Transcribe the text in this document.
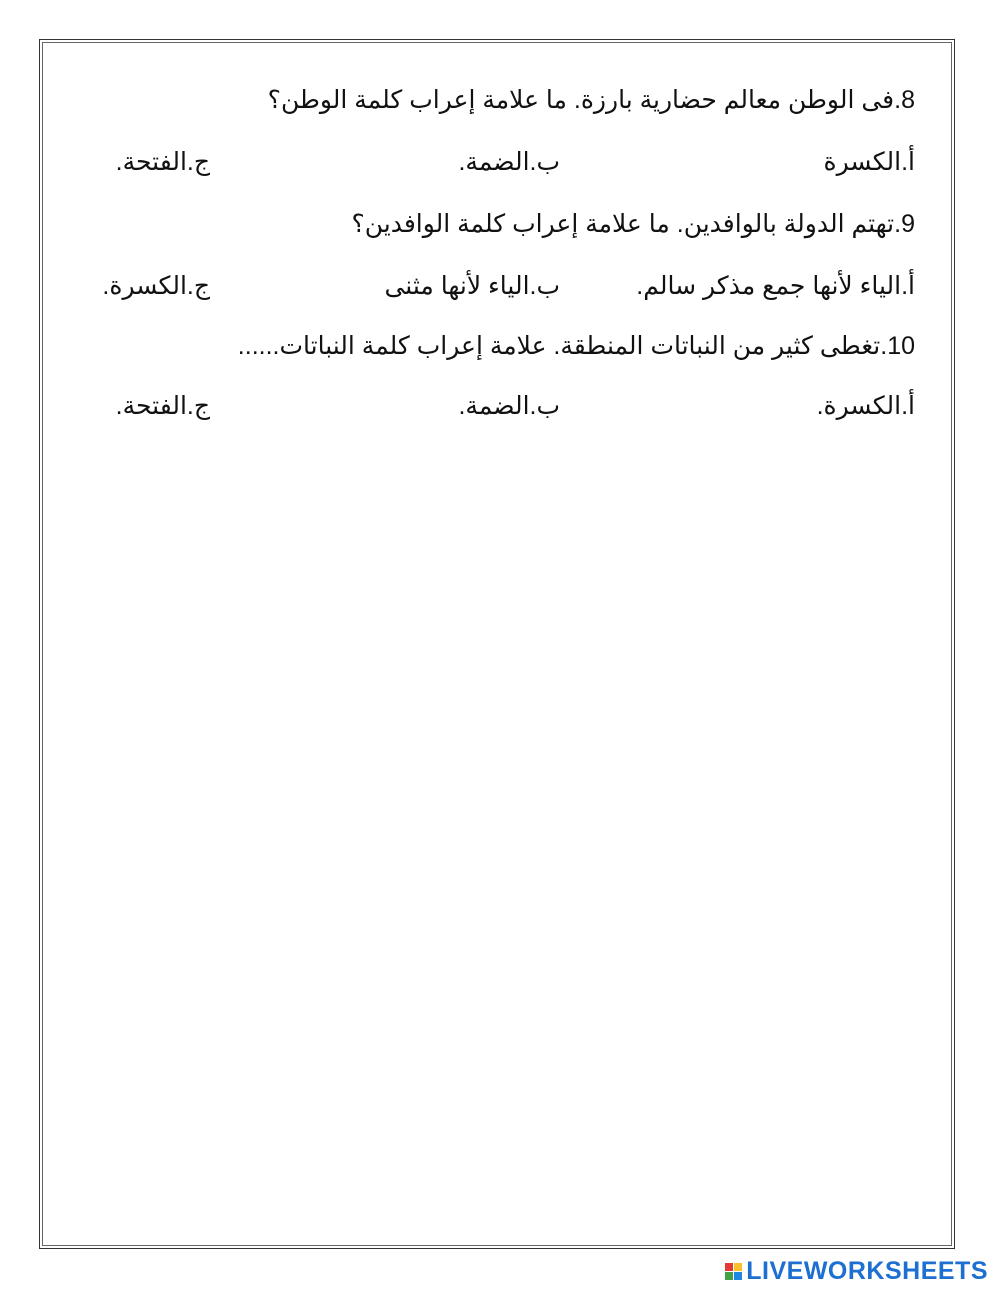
8.فى الوطن معالم حضارية بارزة. ما علامة إعراب كلمة الوطن؟
أ.الكسرة
ب.الضمة.
ج.الفتحة.
9.تهتم الدولة بالوافدين. ما علامة إعراب كلمة الوافدين؟
أ.الياء لأنها جمع مذكر سالم.
ب.الياء لأنها مثنى
ج.الكسرة.
10.تغطى كثير من النباتات المنطقة. علامة إعراب كلمة النباتات......
أ.الكسرة.
ب.الضمة.
ج.الفتحة.
LIVEWORKSHEETS
